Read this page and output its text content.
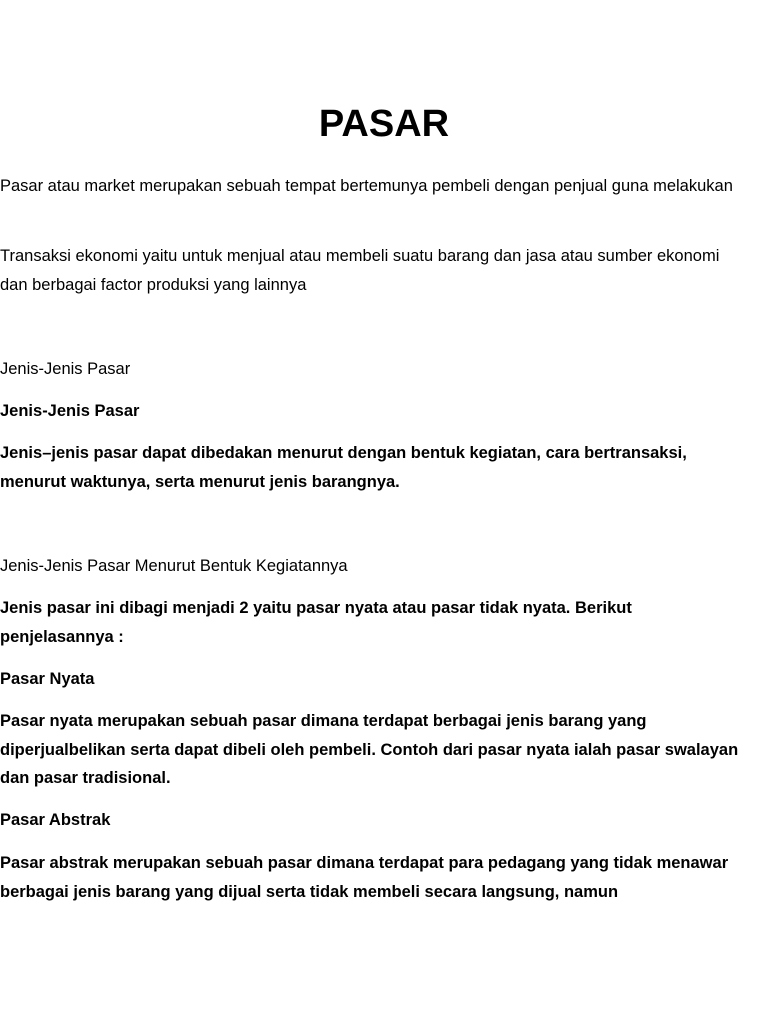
PASAR

Pasar atau market merupakan sebuah tempat bertemunya pembeli dengan penjual guna melakukan

Transaksi ekonomi yaitu untuk menjual atau membeli suatu barang dan jasa atau sumber ekonomi dan berbagai factor produksi yang lainnya

Jenis-Jenis Pasar

Jenis-Jenis Pasar

Jenis–jenis pasar dapat dibedakan menurut dengan bentuk kegiatan, cara bertransaksi, menurut waktunya, serta menurut jenis barangnya.

Jenis-Jenis Pasar Menurut Bentuk Kegiatannya

Jenis pasar ini dibagi menjadi 2 yaitu pasar nyata atau pasar tidak nyata. Berikut penjelasannya :

Pasar Nyata

Pasar nyata merupakan sebuah pasar dimana terdapat berbagai jenis barang yang diperjualbelikan serta dapat dibeli oleh pembeli. Contoh dari pasar nyata ialah pasar swalayan dan pasar tradisional.

Pasar Abstrak

Pasar abstrak merupakan sebuah pasar dimana terdapat para pedagang yang tidak menawar berbagai jenis barang yang dijual serta tidak membeli secara langsung, namun
